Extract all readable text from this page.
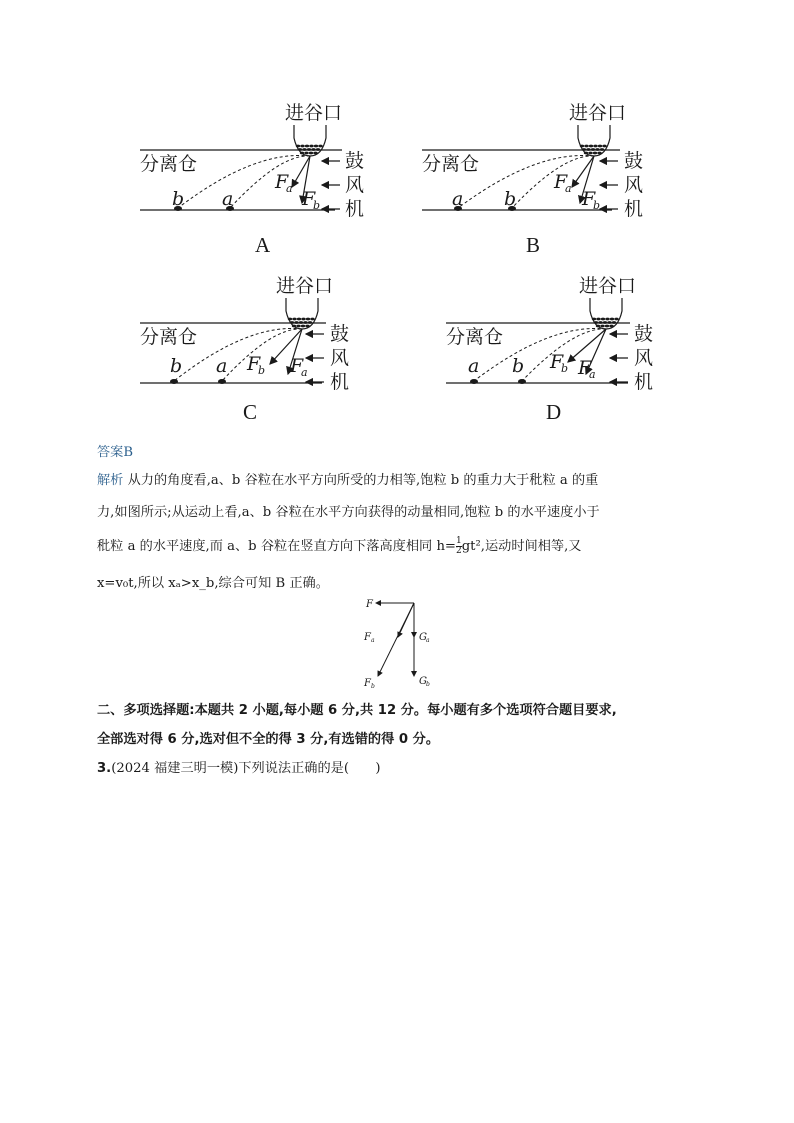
进谷口
分离仓	鼓
风
机
b a
F
a F
b
A
进谷口
分离仓	鼓
风
机
a b
F
a F
b
B
进谷口
分离仓	鼓
风
机
b a F
b F
a
C
进谷口
分离仓	鼓
风
机
a b F
b F
a
D
答案B
解析 从力的角度看,a、b 谷粒在水平方向所受的力相等,饱粒 b 的重力大于秕粒 a 的重
力,如图所示;从运动上看,a、b 谷粒在水平方向获得的动量相同,饱粒 b 的水平速度小于
秕粒 a 的水平速度,而 a、b 谷粒在竖直方向下落高度相同 $h= \frac{1}{2} gt^2$,运动时间相等,又
x=v₀t,所以 xₐ>x_b,综合可知 B 正确。
F
F a
F b
G a
G b
二、多项选择题:本题共 2 小题,每小题 6 分,共 12 分。每小题有多个选项符合题目要求,
全部选对得 6 分,选对但不全的得 3 分,有选错的得 0 分。
3.(2024 福建三明一模)下列说法正确的是(　　)
